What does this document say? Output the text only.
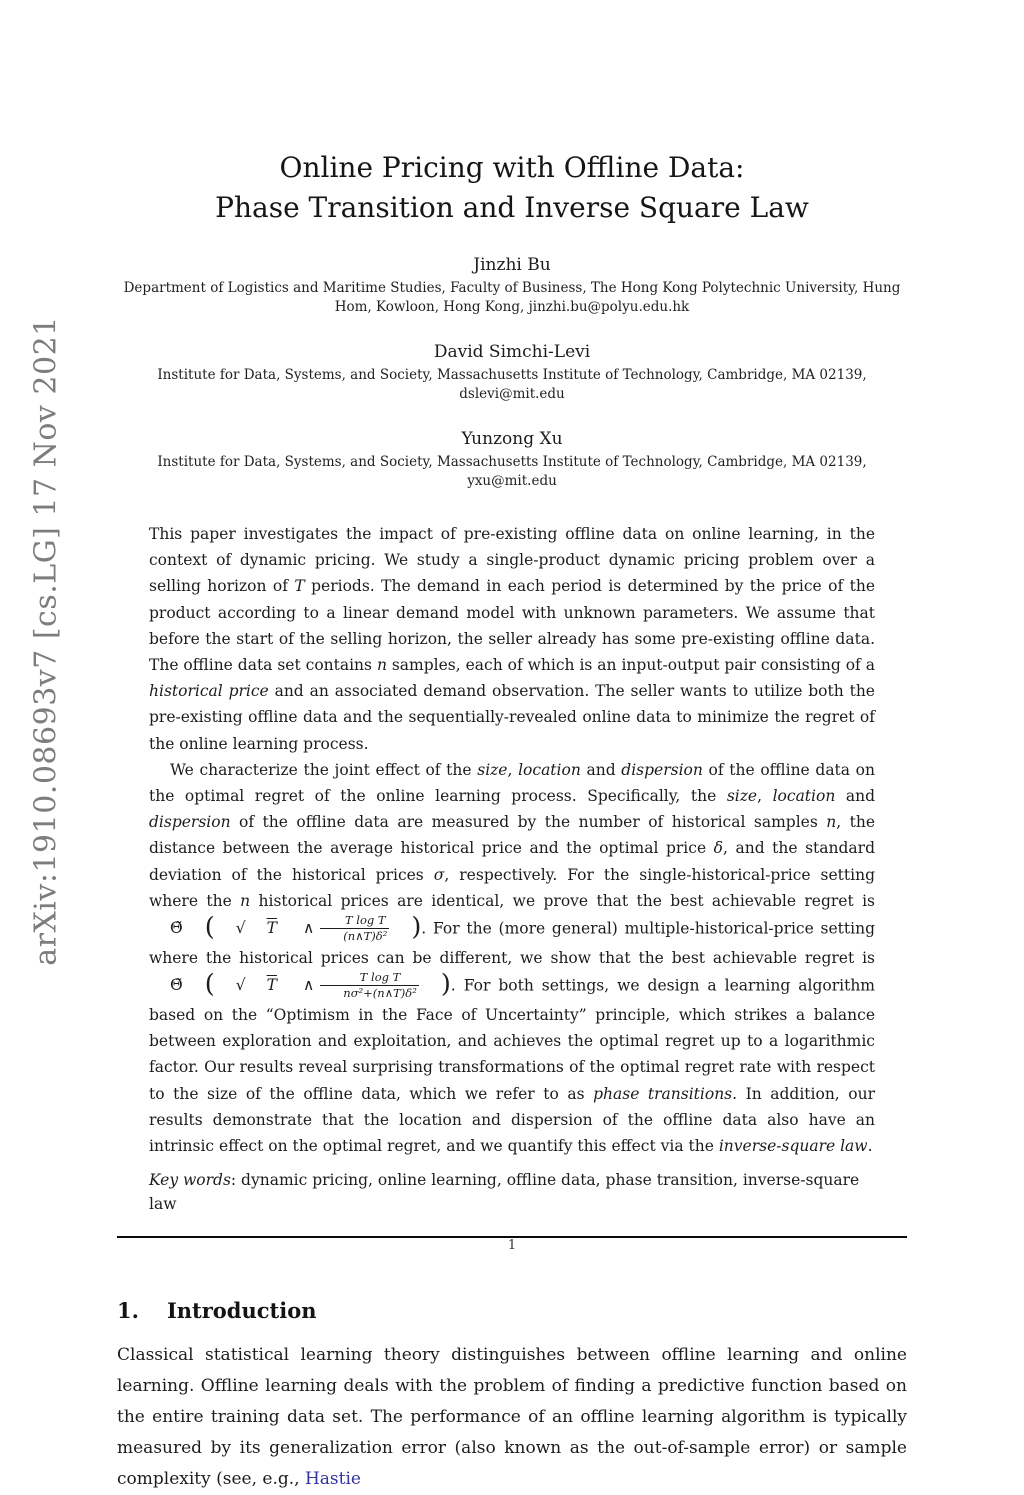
arXiv:1910.08693v7 [cs.LG] 17 Nov 2021
Online Pricing with Offline Data:
Phase Transition and Inverse Square Law
Jinzhi Bu
Department of Logistics and Maritime Studies, Faculty of Business, The Hong Kong Polytechnic University, Hung Hom, Kowloon, Hong Kong, jinzhi.bu@polyu.edu.hk
David Simchi-Levi
Institute for Data, Systems, and Society, Massachusetts Institute of Technology, Cambridge, MA 02139, dslevi@mit.edu
Yunzong Xu
Institute for Data, Systems, and Society, Massachusetts Institute of Technology, Cambridge, MA 02139, yxu@mit.edu

This paper investigates the impact of pre-existing offline data on online learning, in the context of dynamic pricing. We study a single-product dynamic pricing problem over a selling horizon of T periods. The demand in each period is determined by the price of the product according to a linear demand model with unknown parameters. We assume that before the start of the selling horizon, the seller already has some pre-existing offline data. The offline data set contains n samples, each of which is an input-output pair consisting of a historical price and an associated demand observation. The seller wants to utilize both the pre-existing offline data and the sequentially-revealed online data to minimize the regret of the online learning process.

We characterize the joint effect of the size, location and dispersion of the offline data on the optimal regret of the online learning process. Specifically, the size, location and dispersion of the offline data are measured by the number of historical samples n, the distance between the average historical price and the optimal price δ, and the standard deviation of the historical prices σ, respectively. For the single-historical-price setting where the n historical prices are identical, we prove that the best achievable regret is
Θ̃ (	√	T	∧ $\frac{\text{T log T}}{\text{(n∧T)δ²}}$ ) . For the (more general) multiple-historical-price setting where the historical prices can be different, we show that the best achievable regret is
Θ̃ (	√	T	∧ $\frac{\text{T log T}}{\text{nσ²+(n∧T)δ²}}$ ) . For both settings, we design a learning algorithm based on the “Optimism in the Face of Uncertainty” principle, which strikes a balance between exploration and exploitation, and achieves the optimal regret up to a logarithmic factor. Our results reveal surprising transformations of the optimal regret rate with respect to the size of the offline data, which we refer to as phase transitions. In addition, our results demonstrate that the location and dispersion of the offline data also have an intrinsic effect on the optimal regret, and we quantify this effect via the inverse-square law.

Key words: dynamic pricing, online learning, offline data, phase transition, inverse-square law
1. Introduction

Classical statistical learning theory distinguishes between offline learning and online learning. Offline learning deals with the problem of finding a predictive function based on the entire training data set. The performance of an offline learning algorithm is typically measured by its generalization error (also known as the out-of-sample error) or sample complexity (see, e.g., Hastie

1
